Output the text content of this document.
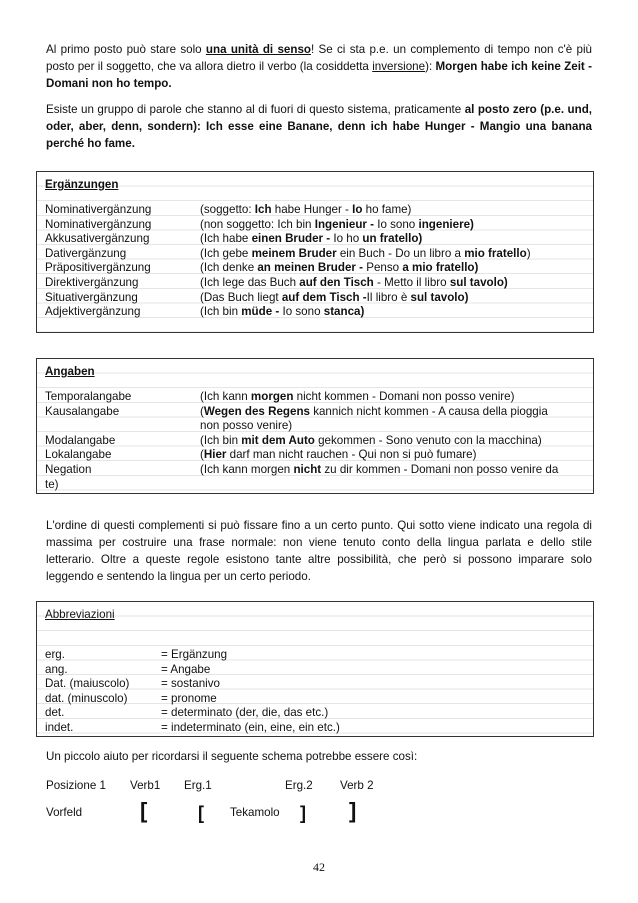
Al primo posto può stare solo una unità di senso! Se ci sta p.e. un complemento di tempo non c'è più posto per il soggetto, che va allora dietro il verbo (la cosiddetta inversione): Morgen habe ich keine Zeit - Domani non ho tempo.

Esiste un gruppo di parole che stanno al di fuori di questo sistema, praticamente al posto zero (p.e. und, oder, aber, denn, sondern): Ich esse eine Banane, denn ich habe Hunger - Mangio una banana perché ho fame.

Ergänzungen
Nominativergänzung	(soggetto: Ich habe Hunger - Io ho fame)
Nominativergänzung	(non soggetto: Ich bin Ingenieur - Io sono ingeniere)
Akkusativergänzung	(Ich habe einen Bruder - Io ho un fratello)
Dativergänzung	(Ich gebe meinem Bruder ein Buch - Do un libro a mio fratello)
Präpositivergänzung	(Ich denke an meinen Bruder - Penso a mio fratello)
Direktivergänzung	(Ich lege das Buch auf den Tisch - Metto il libro sul tavolo)
Situativergänzung	(Das Buch liegt auf dem Tisch -Il libro è sul tavolo)
Adjektivergänzung	(Ich bin müde - Io sono stanca)
Angaben
Temporalangabe	(Ich kann morgen nicht kommen - Domani non posso venire)
Kausalangabe	(Wegen des Regens kannich nicht kommen - A causa della pioggia
non posso venire)
Modalangabe	(Ich bin mit dem Auto gekommen - Sono venuto con la macchina)
Lokalangabe	(Hier darf man nicht rauchen - Qui non si può fumare)
Negation	(Ich kann morgen nicht zu dir kommen - Domani non posso venire da
te)

L'ordine di questi complementi si può fissare fino a un certo punto. Qui sotto viene indicato una regola di massima per costruire una frase normale: non viene tenuto conto della lingua parlata e dello stile letterario. Oltre a queste regole esistono tante altre possibilità, che però si possono imparare solo leggendo e sentendo la lingua per un certo periodo.

Abbreviazioni
erg.	= Ergänzung
ang.	= Angabe
Dat. (maiuscolo)	= sostanivo
dat. (minuscolo)	= pronome
det.	= determinato (der, die, das etc.)
indet.	= indeterminato (ein, eine, ein etc.)

Un piccolo aiuto per ricordarsi il seguente schema potrebbe essere così:

Posizione 1 Verb1 Erg.1	Erg.2 Verb 2
Vorfeld	[	[ Tekamolo ] ]
42
